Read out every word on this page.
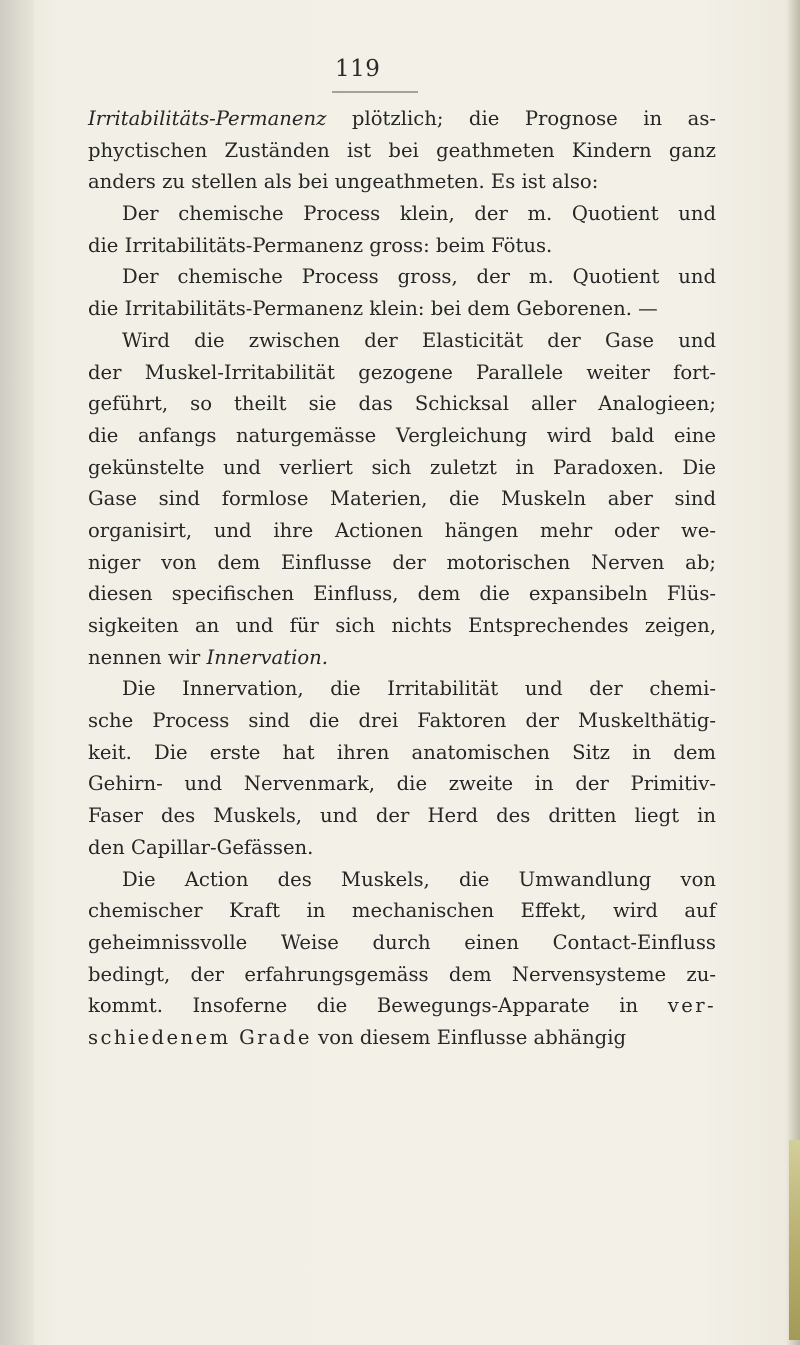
119
Irritabilitäts-Permanenz plötzlich; die Prognose in as-
phyctischen Zuständen ist bei geathmeten Kindern ganz
anders zu stellen als bei ungeathmeten. Es ist also:
Der chemische Process klein, der m. Quotient und
die Irritabilitäts-Permanenz gross: beim Fötus.
Der chemische Process gross, der m. Quotient und
die Irritabilitäts-Permanenz klein: bei dem Geborenen. —
Wird die zwischen der Elasticität der Gase und
der Muskel-Irritabilität gezogene Parallele weiter fort-
geführt, so theilt sie das Schicksal aller Analogieen;
die anfangs naturgemässe Vergleichung wird bald eine
gekünstelte und verliert sich zuletzt in Paradoxen. Die
Gase sind formlose Materien, die Muskeln aber sind
organisirt, und ihre Actionen hängen mehr oder we-
niger von dem Einflusse der motorischen Nerven ab;
diesen specifischen Einfluss, dem die expansibeln Flüs-
sigkeiten an und für sich nichts Entsprechendes zeigen,
nennen wir Innervation.
Die Innervation, die Irritabilität und der chemi-
sche Process sind die drei Faktoren der Muskelthätig-
keit. Die erste hat ihren anatomischen Sitz in dem
Gehirn- und Nervenmark, die zweite in der Primitiv-
Faser des Muskels, und der Herd des dritten liegt in
den Capillar-Gefässen.
Die Action des Muskels, die Umwandlung von
chemischer Kraft in mechanischen Effekt, wird auf
geheimnissvolle Weise durch einen Contact-Einfluss
bedingt, der erfahrungsgemäss dem Nervensysteme zu-
kommt. Insoferne die Bewegungs-Apparate in ver-
schiedenem Grade von diesem Einflusse abhängig
